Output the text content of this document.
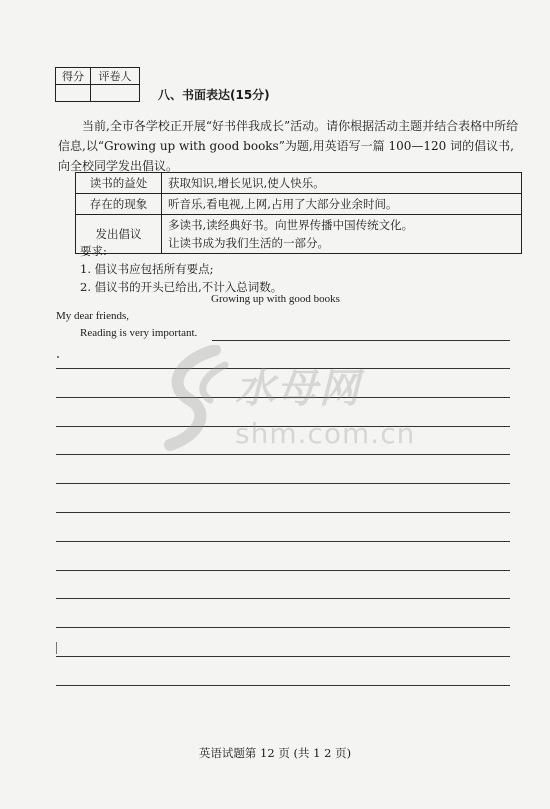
得分	评卷人

八、书面表达(15分)

当前,全市各学校正开展“好书伴我成长”活动。请你根据活动主题并结合表格中所给信息,以“Growing up with good books”为题,用英语写一篇 100—120 词的倡议书,向全校同学发出倡议。

读书的益处	获取知识,增长见识,使人快乐。

存在的现象	听音乐,看电视,上网,占用了大部分业余时间。

发出倡议	多读书,读经典好书。向世界传播中国传统文化。
让读书成为我们生活的一部分。
要求:
1. 倡议书应包括所有要点;
2. 倡议书的开头已给出,不计入总词数。
Growing up with good books
My dear friends,
Reading is very important.
水母网
shm.com.cn
英语试题第 12 页 (共 1 2 页)
